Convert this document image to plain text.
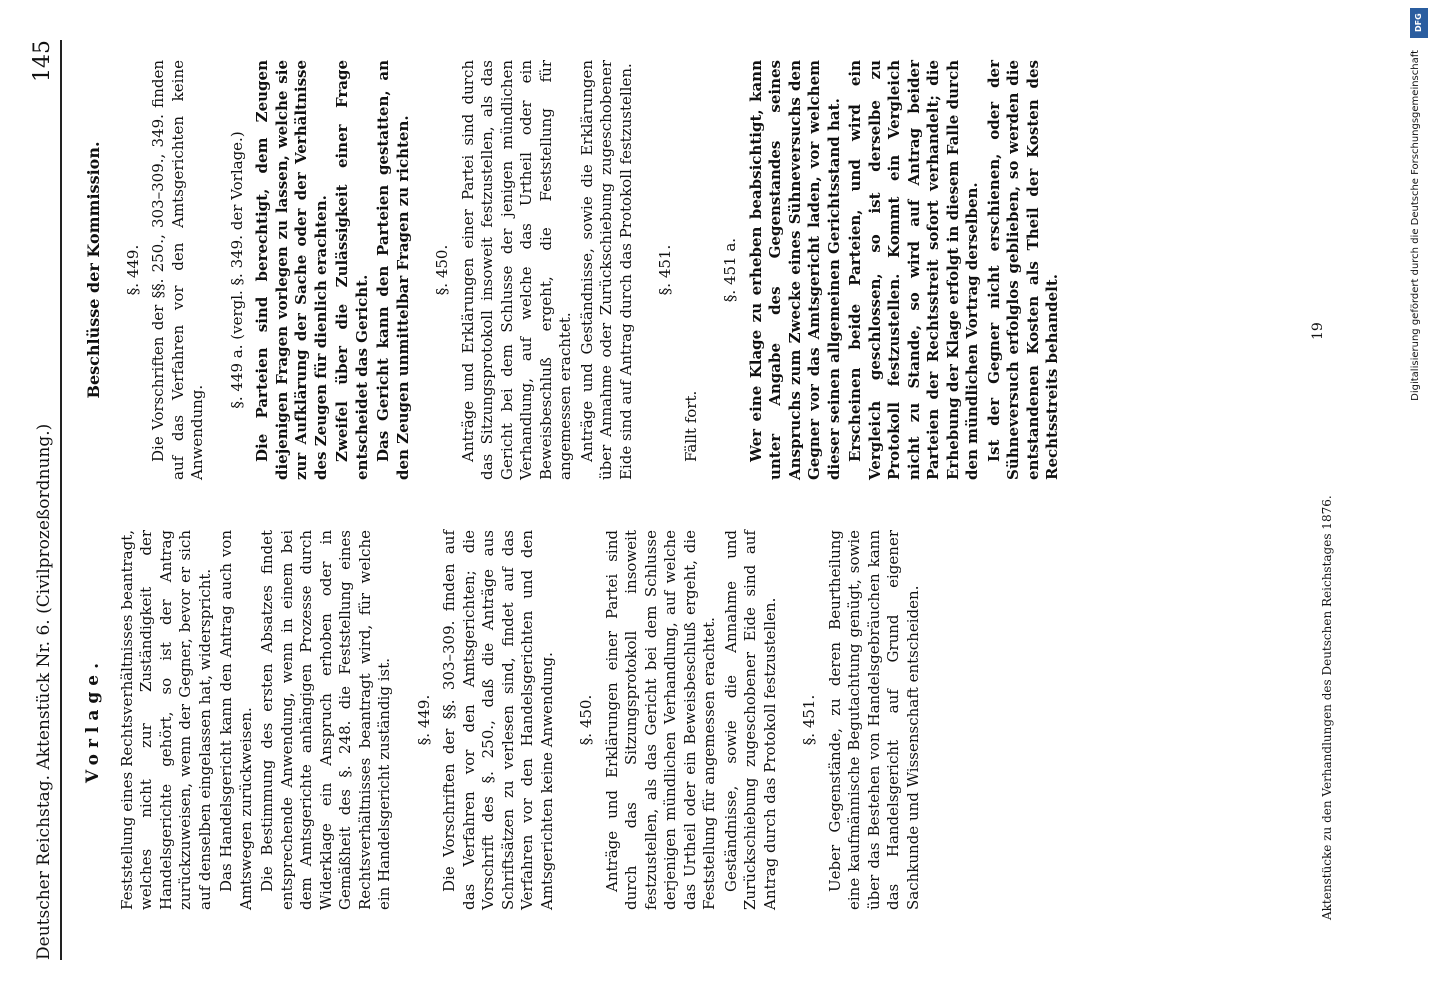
Deutscher Reichstag. Aktenstück Nr. 6. (Civilprozeßordnung.)
145
Vorlage. Feststellung eines Rechtsverhältnisses beantragt, welches nicht zur Zuständigkeit der Handelsgerichte gehört, so ist der Antrag zurückzuweisen, wenn der Gegner, bevor er sich auf denselben eingelassen hat, widerspricht. Das Handelsgericht kann den Antrag auch von Amtswegen zurückweisen. Die Bestimmung des ersten Absatzes findet entsprechende Anwendung, wenn in einem bei dem Amtsgerichte anhängigen Prozesse durch Widerklage ein Anspruch erhoben oder in Gemäßheit des §. 248. die Feststellung eines Rechtsverhältnisses beantragt wird, für welche ein Handelsgericht zuständig ist. §. 449. Die Vorschriften der §§. 303–309. finden auf das Verfahren vor den Amtsgerichten; die Vorschrift des §. 250., daß die Anträge aus Schriftsätzen zu verlesen sind, findet auf das Verfahren vor den Handelsgerichten und den Amtsgerichten keine Anwendung. §. 450. Anträge und Erklärungen einer Partei sind durch das Sitzungsprotokoll insoweit festzustellen, als das Gericht bei dem Schlusse derjenigen mündlichen Verhandlung, auf welche das Urtheil oder ein Beweisbeschluß ergeht, die Feststellung für angemessen erachtet. Geständnisse, sowie die Annahme und Zurückschiebung zugeschobener Eide sind auf Antrag durch das Protokoll festzustellen. §. 451. Ueber Gegenstände, zu deren Beurtheilung eine kaufmännische Begutachtung genügt, sowie über das Bestehen von Handelsgebräuchen kann das Handelsgericht auf Grund eigener Sachkunde und Wissenschaft entscheiden.

Beschlüsse der Kommission. §. 449. Die Vorschriften der §§. 250., 303–309., 349. finden auf das Verfahren vor den Amtsgerichten keine Anwendung.

§. 449 a. (vergl. §. 349. der Vorlage.) Die Parteien sind berechtigt, dem Zeugen diejenigen Fragen vorlegen zu lassen, welche sie zur Aufklärung der Sache oder der Verhältnisse des Zeugen für dienlich erachten. Zweifel über die Zulässigkeit einer Frage entscheidet das Gericht. Das Gericht kann den Parteien gestatten, an den Zeugen unmittelbar Fragen zu richten. §. 450. Anträge und Erklärungen einer Partei sind durch das Sitzungsprotokoll insoweit festzustellen, als das Gericht bei dem Schlusse der jenigen mündlichen Verhandlung, auf welche das Urtheil oder ein Beweisbeschluß ergeht, die Feststellung für angemessen erachtet. Anträge und Geständnisse, sowie die Erklärungen über Annahme oder Zurückschiebung zugeschobener Eide sind auf Antrag durch das Protokoll festzustellen. §. 451.

Fällt fort.

§. 451 a. Wer eine Klage zu erheben beabsichtigt, kann unter Angabe des Gegenstandes seines Anspruchs zum Zwecke eines Sühneversuchs den Gegner vor das Amtsgericht laden, vor welchem dieser seinen allgemeinen Gerichtsstand hat. Erscheinen beide Parteien, und wird ein Vergleich geschlossen, so ist derselbe zu Protokoll festzustellen. Kommt ein Vergleich nicht zu Stande, so wird auf Antrag beider Parteien der Rechtsstreit sofort verhandelt; die Erhebung der Klage erfolgt in diesem Falle durch den mündlichen Vortrag derselben. Ist der Gegner nicht erschienen, oder der Sühneversuch erfolglos geblieben, so werden die entstandenen Kosten als Theil der Kosten des Rechtsstreits behandelt.

Aktenstücke zu den Verhandlungen des Deutschen Reichstages 1876.
19	Digitalisierung gefördert durch die Deutsche Forschungsgemeinschaft
DFG
